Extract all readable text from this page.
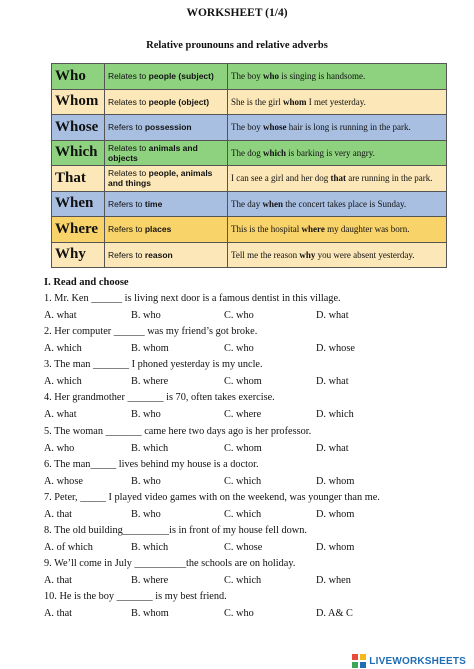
WORKSHEET (1/4)
Relative prounouns and relative adverbs
Who	Relates to people (subject)	The boy who is singing is handsome.
Whom	Relates to people (object)	She is the girl whom I met yesterday.
Whose	Refers to possession	The boy whose hair is long is running in the park.
Which	Relates to animals and objects	The dog which is barking is very angry.
That	Relates to people, animals and things	I can see a girl and her dog that are running in the park.
When	Refers to time	The day when the concert takes place is Sunday.
Where	Refers to places	This is the hospital where my daughter was born.
Why	Refers to reason	Tell me the reason why you were absent yesterday.
I. Read and choose
1. Mr. Ken ______ is living next door is a famous dentist in this village.
A. what	B. who	C. who	D. what
2. Her computer ______ was my friend’s got broke.
A. which	B. whom	C. who	D. whose
3. The man _______ I phoned yesterday is my uncle.
A. which	B. where	C. whom	D. what
4. Her grandmother _______ is 70, often takes exercise.
A. what	B. who	C. where	D. which
5. The woman _______ came here two days ago is her professor.
A. who	B. which	C. whom	D. what
6. The man_____ lives behind my house is a doctor.
A. whose	B. who	C. which	D. whom
7. Peter, _____ I played video games with on the weekend, was younger than me.
A. that	B. who	C. which	D. whom
8. The old building_________is in front of my house fell down.
A. of which	B. which	C. whose	D. whom
9. We’ll come in July __________the schools are on holiday.
A. that	B. where	C. which	D. when
10. He is the boy _______ is my best friend.
A. that	B. whom	C. who	D. A& C
LIVEWORKSHEETS
